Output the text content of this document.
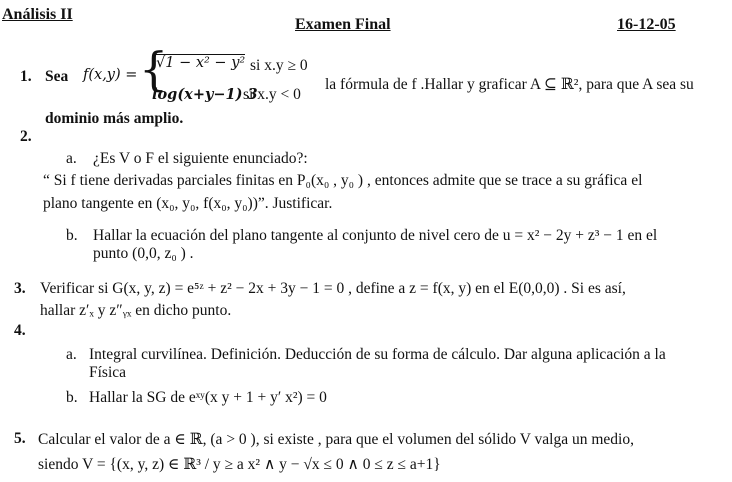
Análisis II
Examen Final	16-12-05
1. Sea f(x,y) = {
√1 − x² − y² si x.y ≥ 0
log(x+y−1) 3
si x.y < 0
la fórmula de f .Hallar y graficar A ⊆ ℝ², para que A sea su
dominio más amplio.
2.
a. ¿Es V o F el siguiente enunciado?:
“ Si f tiene derivadas parciales finitas en P₀(x₀ , y₀ ) , entonces admite que se trace a su gráfica el
plano tangente en (x₀, y₀, f(x₀, y₀))”. Justificar.
b. Hallar la ecuación del plano tangente al conjunto de nivel cero de u = x² − 2y + z³ − 1 en el
punto (0,0, z₀ ) .
3. Verificar si G(x, y, z) = e⁵ᶻ + z² − 2x + 3y − 1 = 0 , define a z = f(x, y) en el E(0,0,0) . Si es así,
hallar z′ₓ y z″ᵧₓ en dicho punto.
4.
a. Integral curvilínea. Definición. Deducción de su forma de cálculo. Dar alguna aplicación a la
Física
b. Hallar la SG de eˣʸ(x y + 1 + y′ x²) = 0
5. Calcular el valor de a ∈ ℝ, (a > 0 ), si existe , para que el volumen del sólido V valga un medio,
siendo V = {(x, y, z) ∈ ℝ³ / y ≥ a x² ∧ y − √x ≤ 0 ∧ 0 ≤ z ≤ a+1}
